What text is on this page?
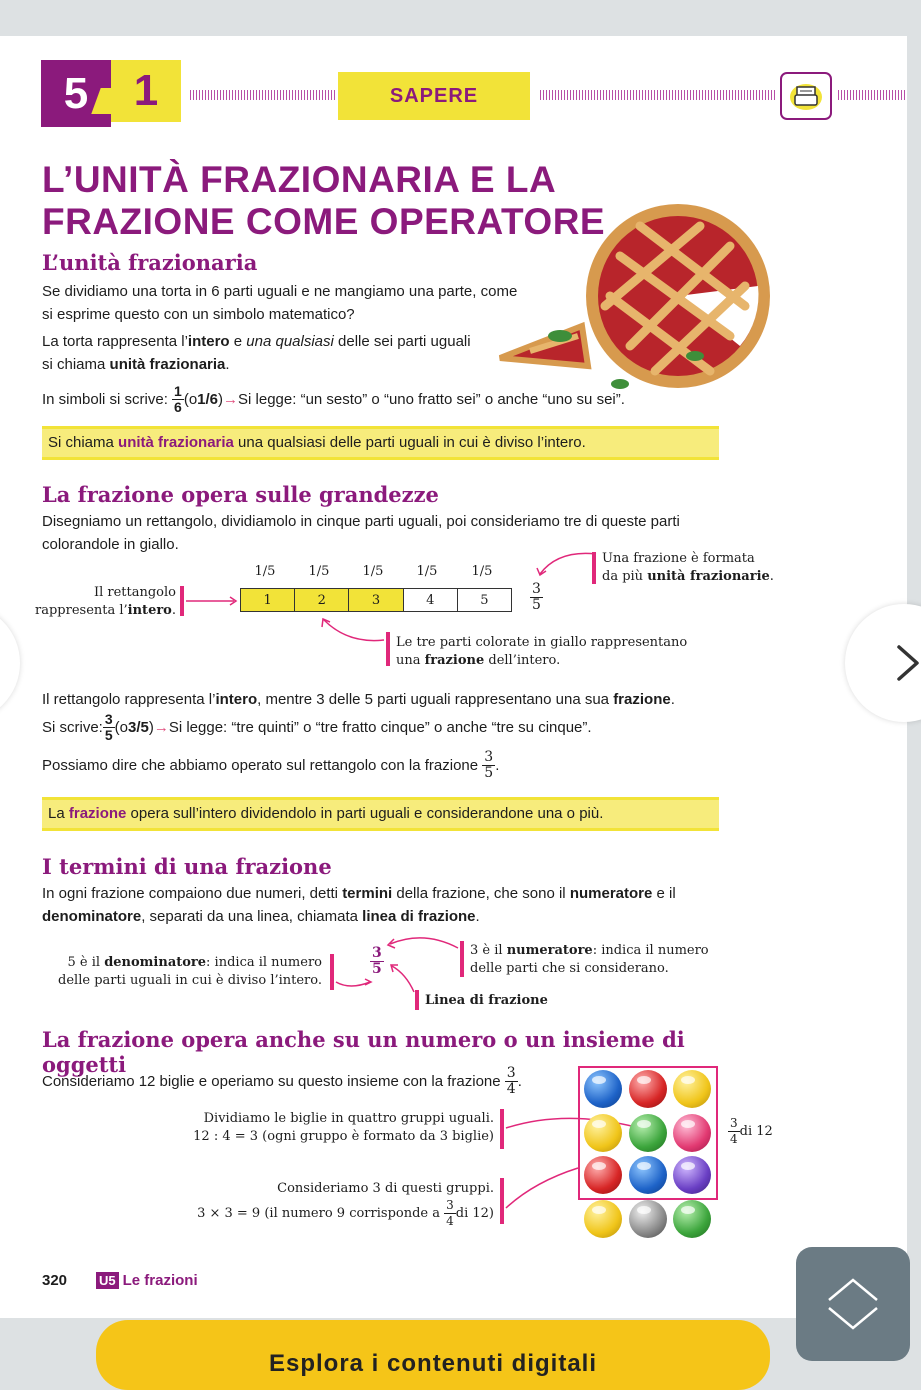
5 1	SAPERE
L’UNITÀ FRAZIONARIA E LA FRAZIONE COME OPERATORE
L’unità frazionaria
Se dividiamo una torta in 6 parti uguali e ne mangiamo una parte, come si esprime questo con un simbolo matematico?
La torta rappresenta l’intero e una qualsiasi delle sei parti uguali si chiama unità frazionaria.
In simboli si scrive:
$\frac{1}{6} (o$ 1/6 ) → Si legge: “un sesto” o “uno fratto sei” o anche “uno su sei”.
Si chiama unità frazionaria una qualsiasi delle parti uguali in cui è diviso l’intero.
La frazione opera sulle grandezze
Disegniamo un rettangolo, dividiamolo in cinque parti uguali, poi consideriamo tre di queste parti colorandole in giallo.
1/5	1/5	1/5	1/5	1/5
Il rettangolo
rappresenta l’intero.
1	2	3	4	5	$\frac{3}{5}$
Una frazione è formata
da più unità frazionarie.
Le tre parti colorate in giallo rappresentano
una frazione dell’intero.
Il rettangolo rappresenta l’intero, mentre 3 delle 5 parti uguali rappresentano una sua frazione.
Si scrive: $\frac{3}{5} (o$ 3/5 ) → Si legge: “tre quinti” o “tre fratto cinque” o anche “tre su cinque”.
Possiamo dire che abbiamo operato sul rettangolo con la frazione
$\frac{3}{5}$ .
La frazione opera sull’intero dividendolo in parti uguali e considerandone una o più.
I termini di una frazione
In ogni frazione compaiono due numeri, detti termini della frazione, che sono il numeratore e il denominatore, separati da una linea, chiamata linea di frazione.
5 è il denominatore: indica il numero
delle parti uguali in cui è diviso l’intero.
$\frac{3}{5}$	3 è il numeratore: indica il numero
delle parti che si considerano.
Linea di frazione
La frazione opera anche su un numero o un insieme di oggetti
Consideriamo 12 biglie e operiamo su questo insieme con la frazione
$\frac{3}{4}$ .
Dividiamo le biglie in quattro gruppi uguali.
12 : 4 = 3 (ogni gruppo è formato da 3 biglie)
Consideriamo 3 di questi gruppi.

3 × 3 = 9 (il numero 9 corrisponde a
$\frac{3}{4}$ di 12)
$\frac{3}{4}$ di 12
320 U5 Le frazioni
Esplora i contenuti digitali
